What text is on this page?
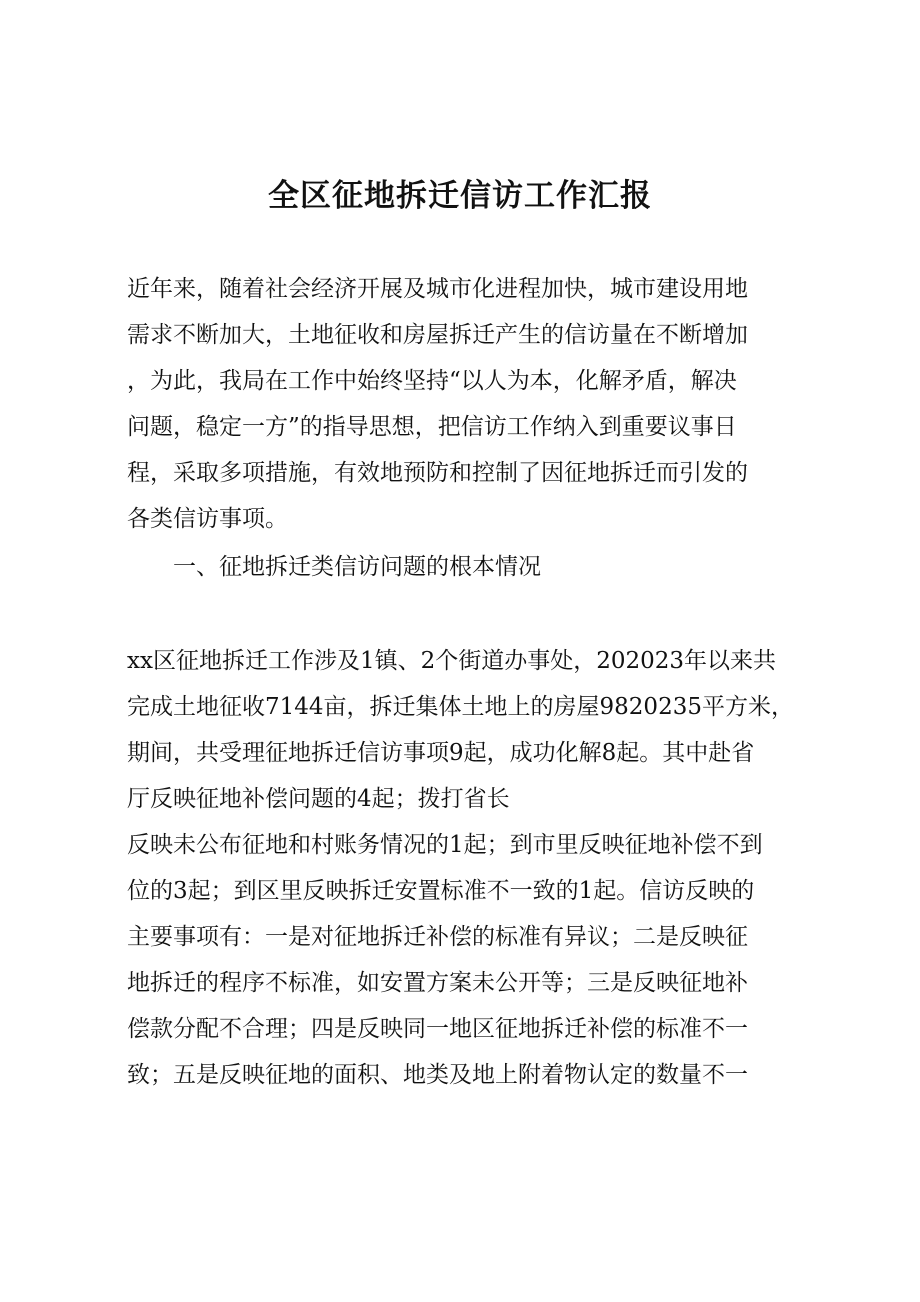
全区征地拆迁信访工作汇报

近年来，随着社会经济开展及城市化进程加快，城市建设用地

需求不断加大，土地征收和房屋拆迁产生的信访量在不断增加

，为此，我局在工作中始终坚持“以人为本，化解矛盾，解决

问题，稳定一方”的指导思想，把信访工作纳入到重要议事日

程，采取多项措施，有效地预防和控制了因征地拆迁而引发的

各类信访事项。

一、征地拆迁类信访问题的根本情况

xx区征地拆迁工作涉及1镇、2个街道办事处，202023年以来共

完成土地征收7144亩，拆迁集体土地上的房屋9820235平方米，

期间，共受理征地拆迁信访事项9起，成功化解8起。其中赴省

厅反映征地补偿问题的4起；拨打省长

反映未公布征地和村账务情况的1起；到市里反映征地补偿不到

位的3起；到区里反映拆迁安置标准不一致的1起。信访反映的

主要事项有：一是对征地拆迁补偿的标准有异议；二是反映征

地拆迁的程序不标准，如安置方案未公开等；三是反映征地补

偿款分配不合理；四是反映同一地区征地拆迁补偿的标准不一

致；五是反映征地的面积、地类及地上附着物认定的数量不一
